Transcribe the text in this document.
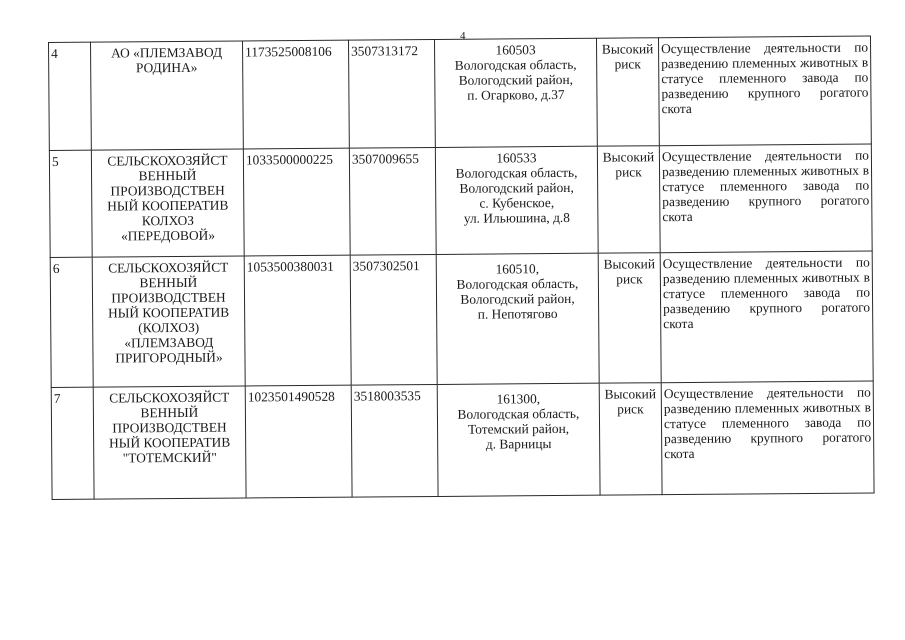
4
4	АО «ПЛЕМЗАВОД РОДИНА»	1173525008106	3507313172	160503
Вологодская область,
Вологодский район,
п. Огарково, д.37	Высокий риск	Осуществление деятельности по разведению племенных животных в статусе племенного завода по разведению крупного рогатого скота
5	СЕЛЬСКОХОЗЯЙСТ ВЕННЫЙ ПРОИЗВОДСТВЕН НЫЙ КООПЕРАТИВ КОЛХОЗ «ПЕРЕДОВОЙ»	1033500000225	3507009655	160533
Вологодская область,
Вологодский район,
с. Кубенское,
ул. Ильюшина, д.8	Высокий риск	Осуществление деятельности по разведению племенных животных в статусе племенного завода по разведению крупного рогатого скота
6	СЕЛЬСКОХОЗЯЙСТ ВЕННЫЙ ПРОИЗВОДСТВЕН НЫЙ КООПЕРАТИВ (КОЛХОЗ) «ПЛЕМЗАВОД ПРИГОРОДНЫЙ»	1053500380031	3507302501	160510,
Вологодская область,
Вологодский район,
п. Непотягово	Высокий риск	Осуществление деятельности по разведению племенных животных в статусе племенного завода по разведению крупного рогатого скота
7	СЕЛЬСКОХОЗЯЙСТ ВЕННЫЙ ПРОИЗВОДСТВЕН НЫЙ КООПЕРАТИВ "ТОТЕМСКИЙ"	1023501490528	3518003535	161300,
Вологодская область,
Тотемский район,
д. Варницы	Высокий риск	Осуществление деятельности по разведению племенных животных в статусе племенного завода по разведению крупного рогатого скота
